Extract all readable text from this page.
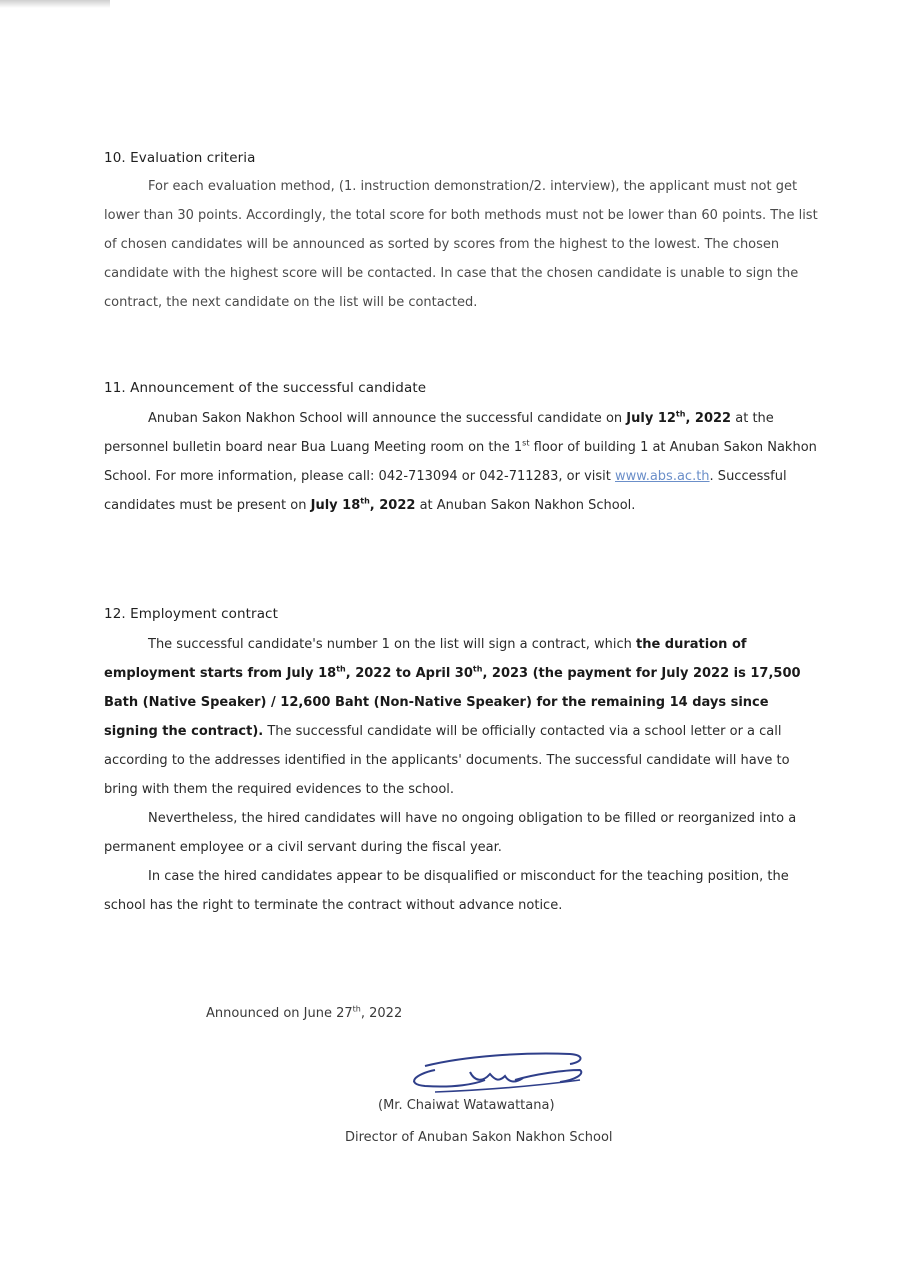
10. Evaluation criteria
For each evaluation method, (1. instruction demonstration/2. interview), the applicant must not get lower than 30 points. Accordingly, the total score for both methods must not be lower than 60 points. The list of chosen candidates will be announced as sorted by scores from the highest to the lowest. The chosen candidate with the highest score will be contacted. In case that the chosen candidate is unable to sign the contract, the next candidate on the list will be contacted.
11. Announcement of the successful candidate
Anuban Sakon Nakhon School will announce the successful candidate on July 12th, 2022 at the personnel bulletin board near Bua Luang Meeting room on the 1st floor of building 1 at Anuban Sakon Nakhon School. For more information, please call: 042-713094 or 042-711283, or visit www.abs.ac.th. Successful candidates must be present on July 18th, 2022 at Anuban Sakon Nakhon School.
12. Employment contract
The successful candidate's number 1 on the list will sign a contract, which the duration of employment starts from July 18th, 2022 to April 30th, 2023 (the payment for July 2022 is 17,500 Bath (Native Speaker) / 12,600 Baht (Non-Native Speaker) for the remaining 14 days since signing the contract). The successful candidate will be officially contacted via a school letter or a call according to the addresses identified in the applicants' documents. The successful candidate will have to bring with them the required evidences to the school.
Nevertheless, the hired candidates will have no ongoing obligation to be filled or reorganized into a permanent employee or a civil servant during the fiscal year.
In case the hired candidates appear to be disqualified or misconduct for the teaching position, the school has the right to terminate the contract without advance notice.
Announced on June 27th, 2022
(Mr. Chaiwat Watawattana)
Director of Anuban Sakon Nakhon School
